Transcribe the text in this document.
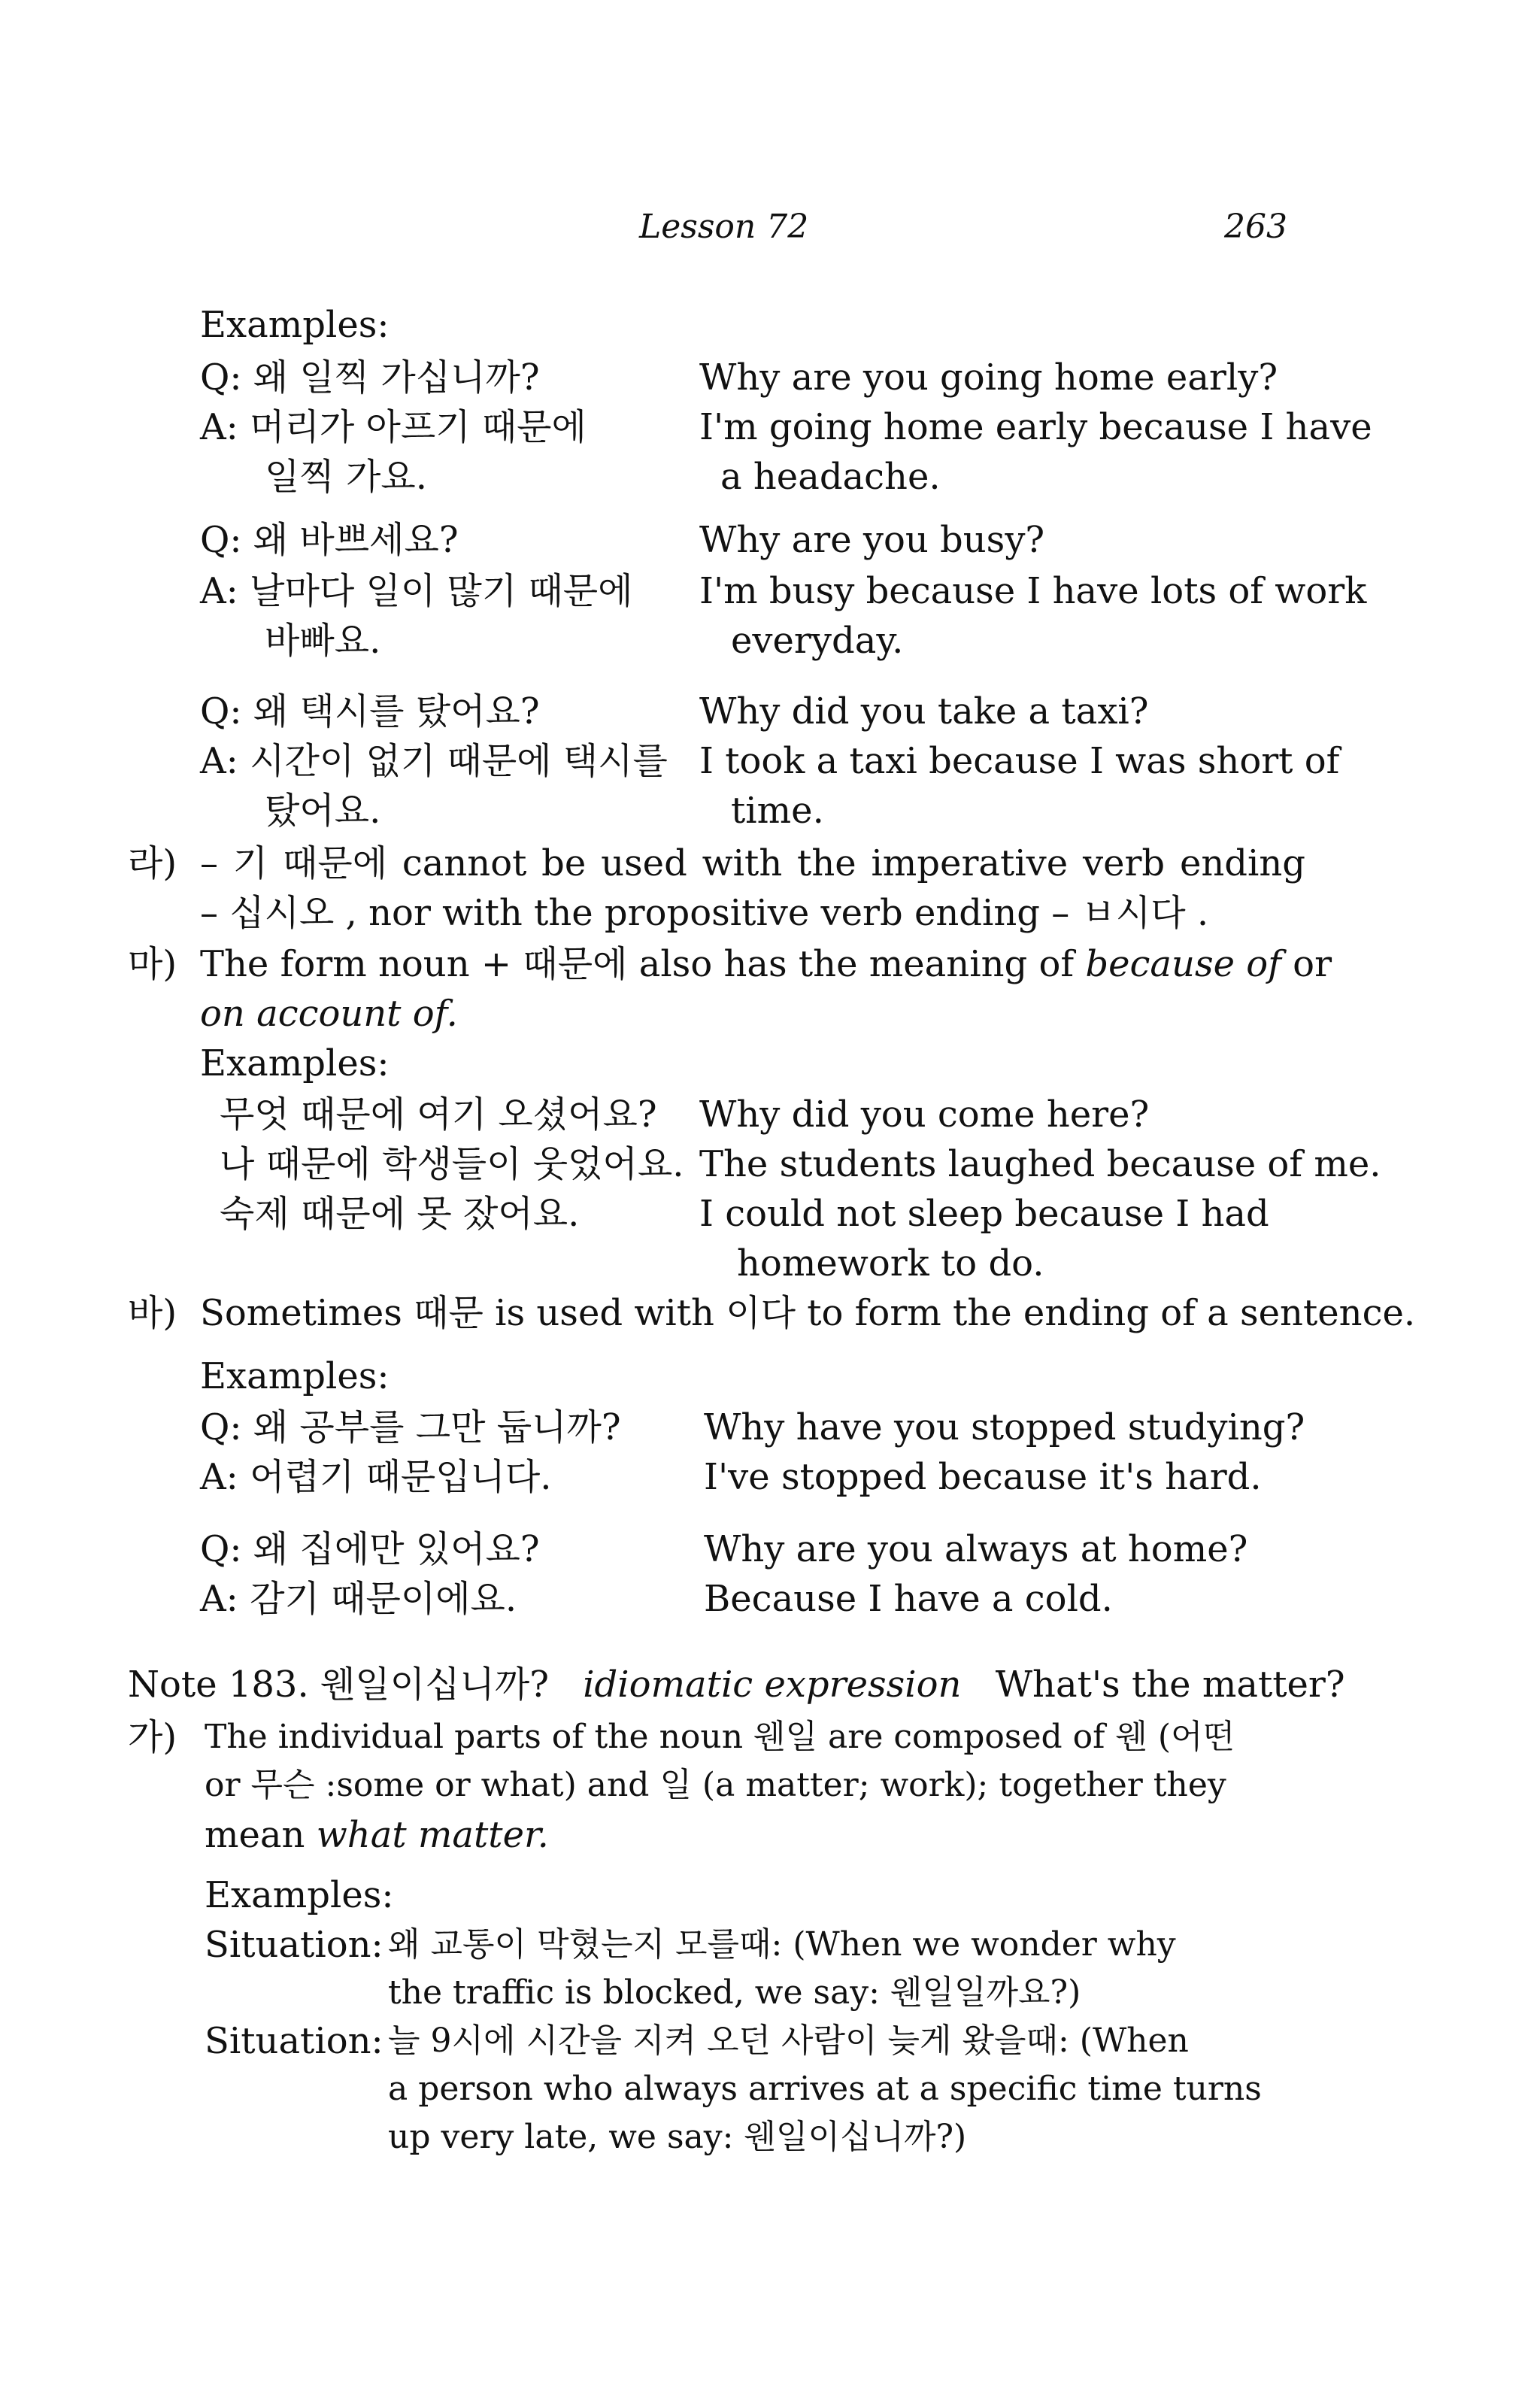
Lesson 72	263
Examples:
Q: 왜 일찍 가십니까?	Why are you going home early?
A: 머리가 아프기 때문에	I'm going home early because I have
일찍 가요.	a headache.
Q: 왜 바쁘세요?	Why are you busy?
A: 날마다 일이 많기 때문에 I'm busy because I have lots of work
바빠요.	everyday.
Q: 왜 택시를 탔어요?	Why did you take a taxi?
A: 시간이 없기 때문에 택시를 I took a taxi because I was short of
탔어요.	time.
라) – 기 때문에 cannot be used with the imperative verb ending
– 십시오 , nor with the propositive verb ending – ㅂ시다 .
마) The form noun + 때문에 also has the meaning of because of or
on account of.
Examples:
무엇 때문에 여기 오셨어요? Why did you come here?
나 때문에 학생들이 웃었어요. The students laughed because of me.
숙제 때문에 못 잤어요.	I could not sleep because I had
homework to do.
바) Sometimes 때문 is used with 이다 to form the ending of a sentence.
Examples:
Q: 왜 공부를 그만 둡니까? Why have you stopped studying?
A: 어렵기 때문입니다.	I've stopped because it's hard.
Q: 왜 집에만 있어요?	Why are you always at home?
A: 감기 때문이에요.	Because I have a cold.
Note 183. 웬일이십니까? idiomatic expression What's the matter?
가) The individual parts of the noun 웬일 are composed of 웬 (어떤
or 무슨 :some or what) and 일 (a matter; work); together they
mean what matter.
Examples:
Situation: 왜 교통이 막혔는지 모를때: (When we wonder why
the traffic is blocked, we say: 웬일일까요?)
Situation: 늘 9시에 시간을 지켜 오던 사람이 늦게 왔을때: (When
a person who always arrives at a specific time turns
up very late, we say: 웬일이십니까?)
